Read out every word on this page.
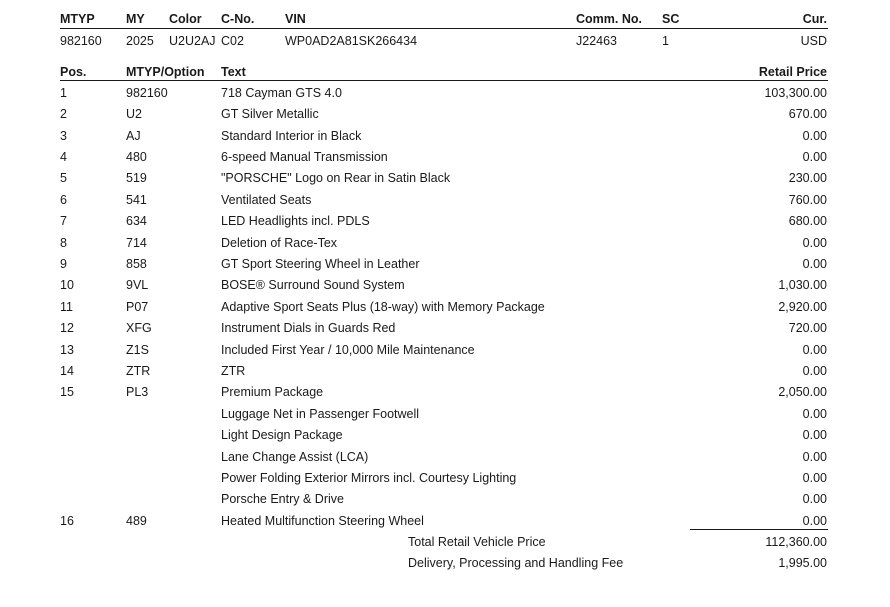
MTYP	MY Color C-No. VIN	Comm. No. SC	Cur.
982160 2025 U2U2AJ C02	WP0AD2A81SK266434	J22463	1	USD
Pos.	MTYP/Option Text	Retail Price
1	982160	718 Cayman GTS 4.0	103,300.00
2	U2	GT Silver Metallic	670.00
3	AJ	Standard Interior in Black	0.00
4	480	6-speed Manual Transmission	0.00
5	519	"PORSCHE" Logo on Rear in Satin Black	230.00
6	541	Ventilated Seats	760.00
7	634	LED Headlights incl. PDLS	680.00
8	714	Deletion of Race-Tex	0.00
9	858	GT Sport Steering Wheel in Leather	0.00
10	9VL	BOSE® Surround Sound System	1,030.00
11	P07	Adaptive Sport Seats Plus (18-way) with Memory Package	2,920.00
12	XFG	Instrument Dials in Guards Red	720.00
13	Z1S	Included First Year / 10,000 Mile Maintenance	0.00
14	ZTR	ZTR	0.00
15	PL3	Premium Package	2,050.00
Luggage Net in Passenger Footwell	0.00
Light Design Package	0.00
Lane Change Assist (LCA)	0.00
Power Folding Exterior Mirrors incl. Courtesy Lighting	0.00
Porsche Entry & Drive	0.00
16	489	Heated Multifunction Steering Wheel	0.00
Total Retail Vehicle Price	112,360.00
Delivery, Processing and Handling Fee	1,995.00
